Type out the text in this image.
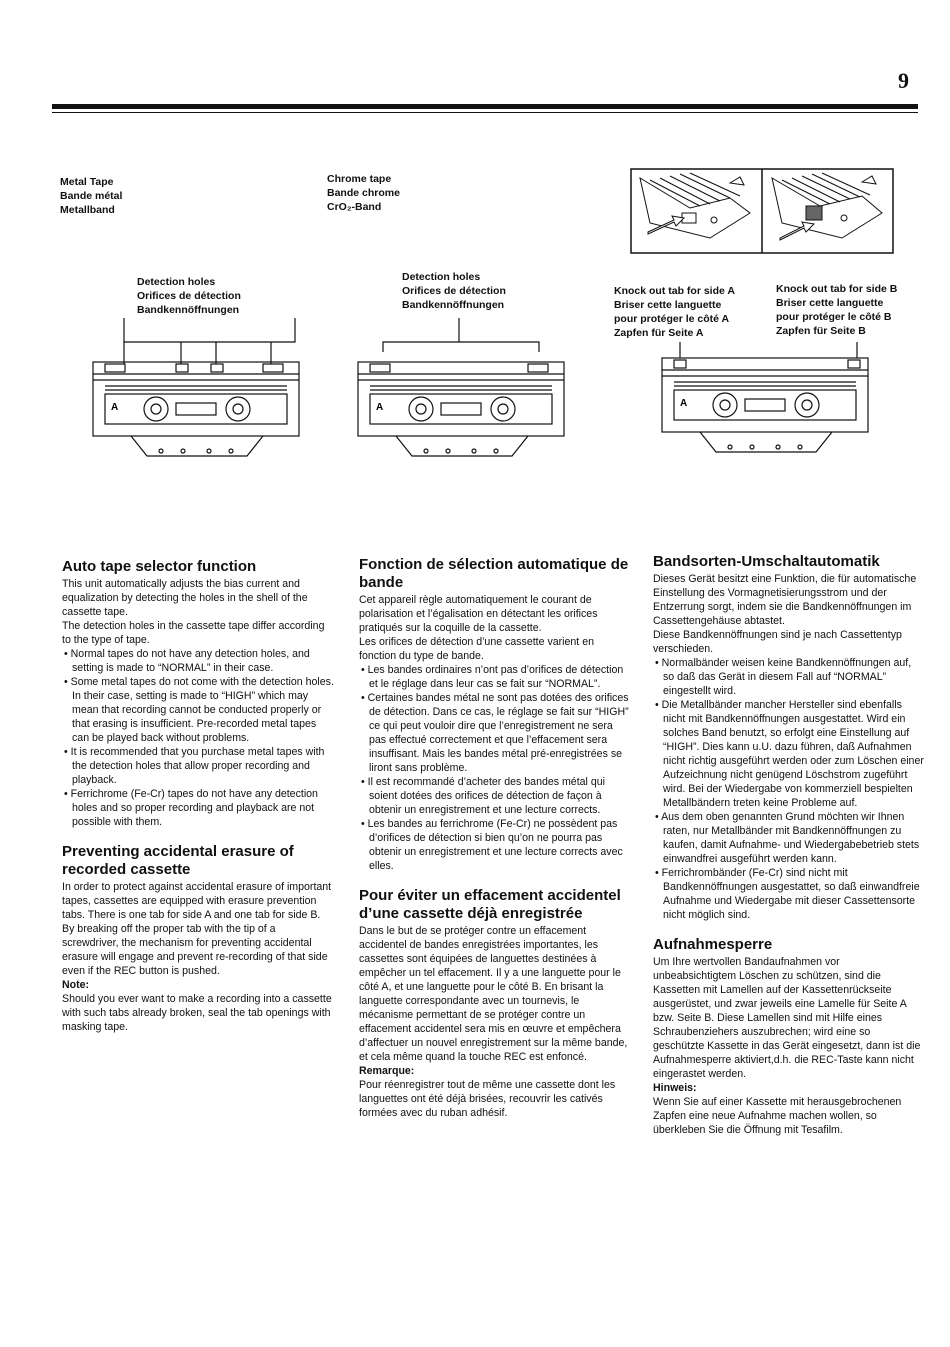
9
Metal Tape
Bande métal
Metallband
Chrome tape
Bande chrome
CrO₂-Band
Detection holes
Orifices de détection
Bandkennöffnungen
Detection holes
Orifices de détection
Bandkennöffnungen
Knock out tab for side A
Briser cette languette
pour protéger le côté A
Zapfen für Seite A
Knock out tab for side B
Briser cette languette
pour protéger le côté B
Zapfen für Seite B
A	A	A
Auto tape selector function

This unit automatically adjusts the bias current and equalization by detecting the holes in the shell of the cassette tape.

The detection holes in the cassette tape differ according to the type of tape.

• Normal tapes do not have any detection holes, and setting is made to “NORMAL” in their case.

• Some metal tapes do not come with the detection holes. In their case, setting is made to “HIGH” which may mean that recording cannot be conducted properly or that erasing is insufficient. Pre-recorded metal tapes can be played back without problems.

• It is recommended that you purchase metal tapes with the detection holes that allow proper recording and playback.

• Ferrichrome (Fe-Cr) tapes do not have any detection holes and so proper recording and playback are not possible with them.

Preventing accidental erasure of recorded cassette

In order to protect against accidental erasure of important tapes, cassettes are equipped with erasure prevention tabs. There is one tab for side A and one tab for side B. By breaking off the proper tab with the tip of a screwdriver, the mechanism for preventing accidental erasure will engage and prevent re-recording of that side even if the REC button is pushed.

Note:

Should you ever want to make a recording into a cassette with such tabs already broken, seal the tab openings with masking tape.

Fonction de sélection automatique de bande

Cet appareil règle automatiquement le courant de polarisation et l’égalisation en détectant les orifices pratiqués sur la coquille de la cassette.

Les orifices de détection d’une cassette varient en fonction du type de bande.

• Les bandes ordinaires n’ont pas d’orifices de détection et le réglage dans leur cas se fait sur “NORMAL”.

• Certaines bandes métal ne sont pas dotées des orifices de détection. Dans ce cas, le réglage se fait sur “HIGH” ce qui peut vouloir dire que l’enregistrement ne sera pas effectué correctement et que l’effacement sera insuffisant. Mais les bandes métal pré-enregistrées se liront sans problème.

• Il est recommandé d’acheter des bandes métal qui soient dotées des orifices de détection de façon à obtenir un enregistrement et une lecture corrects.

• Les bandes au ferrichrome (Fe-Cr) ne possèdent pas d’orifices de détection si bien qu’on ne pourra pas obtenir un enregistrement et une lecture corrects avec elles.

Pour éviter un effacement accidentel d’une cassette déjà enregistrée

Dans le but de se protéger contre un effacement accidentel de bandes enregistrées importantes, les cassettes sont équipées de languettes destinées à empêcher un tel effacement. Il y a une languette pour le côté A, et une languette pour le côté B. En brisant la languette correspondante avec un tournevis, le mécanisme permettant de se protéger contre un effacement accidentel sera mis en œuvre et empêchera d’affectuer un nouvel enregistrement sur la même bande, et cela même quand la touche REC est enfoncé.

Remarque:

Pour réenregistrer tout de même une cassette dont les languettes ont été déjà brisées, recouvrir les cativés formées avec du ruban adhésif.

Bandsorten-Umschaltautomatik

Dieses Gerät besitzt eine Funktion, die für automatische Einstellung des Vormagnetisierungsstrom und der Entzerrung sorgt, indem sie die Bandkennöffnungen im Cassettengehäuse abtastet.

Diese Bandkennöffnungen sind je nach Cassettentyp verschieden.

• Normalbänder weisen keine Bandkennöffnungen auf, so daß das Gerät in diesem Fall auf “NORMAL” eingestellt wird.

• Die Metallbänder mancher Hersteller sind ebenfalls nicht mit Bandkennöffnungen ausgestattet. Wird ein solches Band benutzt, so erfolgt eine Einstellung auf “HIGH”. Dies kann u.U. dazu führen, daß Aufnahmen nicht richtig ausgeführt werden oder zum Löschen einer Aufzeichnung nicht genügend Löschstrom zugeführt wird. Bei der Wiedergabe von kommerziell bespielten Metallbändern treten keine Probleme auf.

• Aus dem oben genannten Grund möchten wir Ihnen raten, nur Metallbänder mit Bandkennöffnungen zu kaufen, damit Aufnahme- und Wiedergabebetrieb stets einwandfrei ausgeführt werden kann.

• Ferrichrombänder (Fe-Cr) sind nicht mit Bandkennöffnungen ausgestattet, so daß einwandfreie Aufnahme und Wiedergabe mit dieser Cassettensorte nicht möglich sind.

Aufnahmesperre

Um Ihre wertvollen Bandaufnahmen vor unbeabsichtigtem Löschen zu schützen, sind die Kassetten mit Lamellen auf der Kassettenrückseite ausgerüstet, und zwar jeweils eine Lamelle für Seite A bzw. Seite B. Diese Lamellen sind mit Hilfe eines Schraubenziehers auszubrechen; wird eine so geschützte Kassette in das Gerät eingesetzt, dann ist die Aufnahmesperre aktiviert,d.h. die REC-Taste kann nicht eingerastet werden.

Hinweis:

Wenn Sie auf einer Kassette mit herausgebrochenen Zapfen eine neue Aufnahme machen wollen, so überkleben Sie die Öffnung mit Tesafilm.
